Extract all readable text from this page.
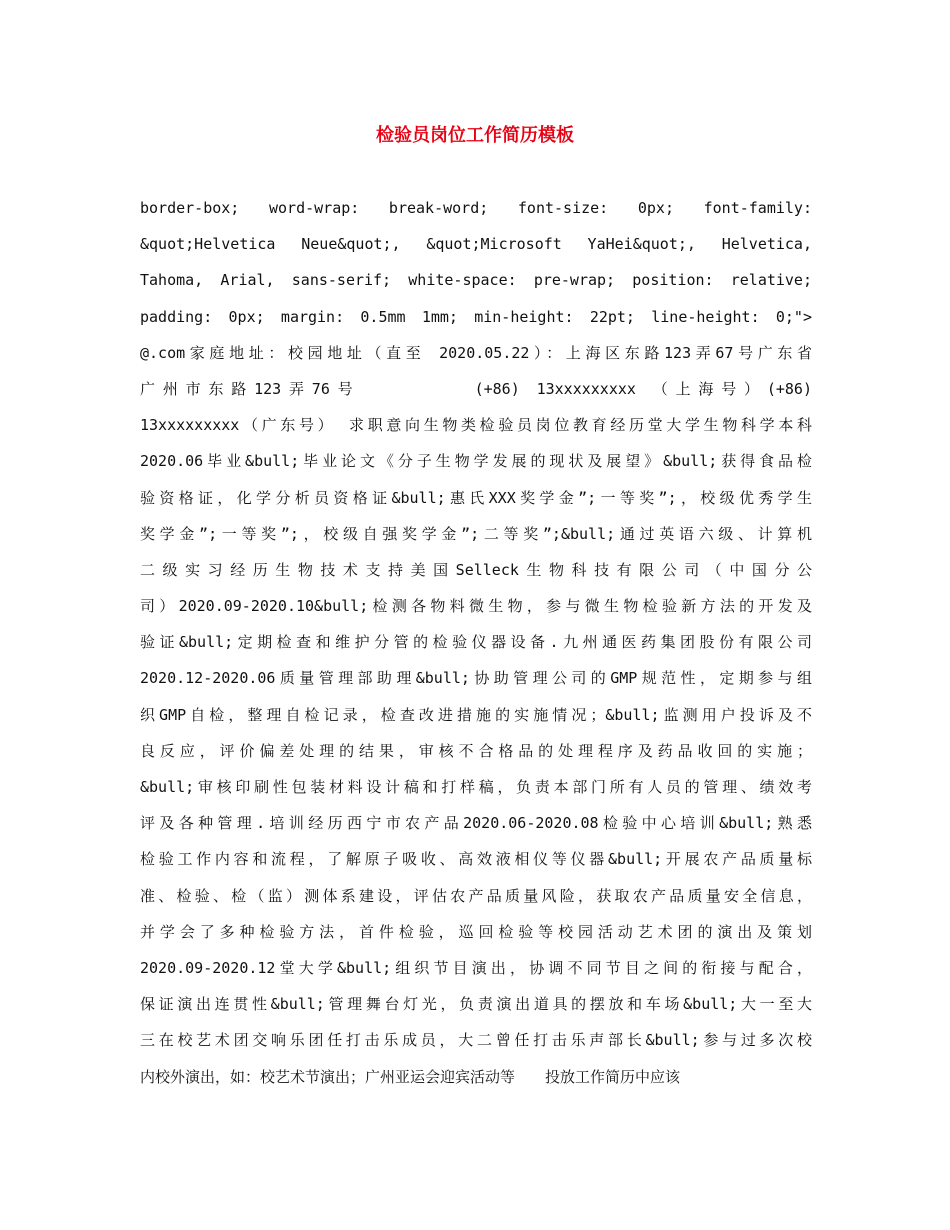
检验员岗位工作简历模板
border-box; word-wrap: break-word; font-size: 0px; font-family:
&quot;Helvetica Neue&quot;, &quot;Microsoft YaHei&quot;, Helvetica,
Tahoma, Arial, sans-serif; white-space: pre-wrap; position: relative;
padding: 0px; margin: 0.5mm 1mm; min-height: 22pt; line-height: 0;">
@.com家庭地址：校园地址（直至 2020.05.22）：上海区东路123弄67号广东省
广州市东路123弄76号　　　　　(+86) 13xxxxxxxxx （上海号）(+86)
13xxxxxxxxx（广东号） 求职意向生物类检验员岗位教育经历堂大学生物科学本科
2020.06毕业&bull;毕业论文《分子生物学发展的现状及展望》&bull;获得食品检
验资格证，化学分析员资格证&bull;惠氏XXX奖学金”;一等奖”;，校级优秀学生
奖学金”;一等奖”;，校级自强奖学金”;二等奖”;&bull;通过英语六级、计算机
二级实习经历生物技术支持美国Selleck生物科技有限公司（中国分公
司）2020.09-2020.10&bull;检测各物料微生物，参与微生物检验新方法的开发及
验证&bull;定期检查和维护分管的检验仪器设备.九州通医药集团股份有限公司
2020.12-2020.06质量管理部助理&bull;协助管理公司的GMP规范性，定期参与组
织GMP自检，整理自检记录，检查改进措施的实施情况；&bull;监测用户投诉及不
良反应，评价偏差处理的结果，审核不合格品的处理程序及药品收回的实施；
&bull;审核印刷性包装材料设计稿和打样稿，负责本部门所有人员的管理、绩效考
评及各种管理.培训经历西宁市农产品2020.06-2020.08检验中心培训&bull;熟悉
检验工作内容和流程，了解原子吸收、高效液相仪等仪器&bull;开展农产品质量标
准、检验、检（监）测体系建设，评估农产品质量风险，获取农产品质量安全信息，
并学会了多种检验方法，首件检验，巡回检验等校园活动艺术团的演出及策划
2020.09-2020.12堂大学&bull;组织节目演出，协调不同节目之间的衔接与配合，
保证演出连贯性&bull;管理舞台灯光，负责演出道具的摆放和车场&bull;大一至大
三在校艺术团交响乐团任打击乐成员，大二曾任打击乐声部长&bull;参与过多次校
内校外演出，如：校艺术节演出；广州亚运会迎宾活动等　　投放工作简历中应该
